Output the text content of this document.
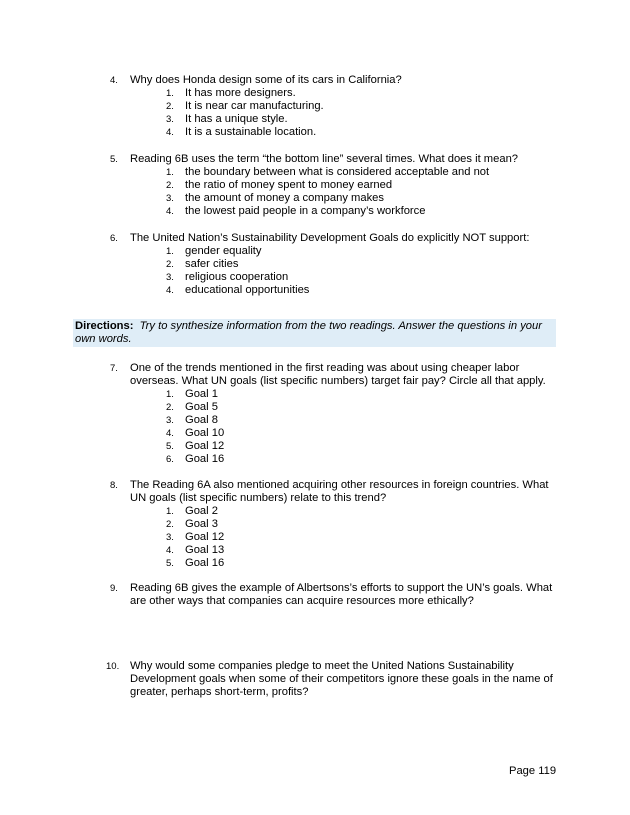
4.	Why does Honda design some of its cars in California?
1. It has more designers.
2. It is near car manufacturing.
3. It has a unique style.
4. It is a sustainable location.
5.	Reading 6B uses the term “the bottom line” several times. What does it mean?
1. the boundary between what is considered acceptable and not
2. the ratio of money spent to money earned
3. the amount of money a company makes
4. the lowest paid people in a company’s workforce
6.	The United Nation’s Sustainability Development Goals do explicitly NOT support:
1. gender equality
2. safer cities
3. religious cooperation
4. educational opportunities
Directions: Try to synthesize information from the two readings. Answer the questions in your own words.
7.	One of the trends mentioned in the first reading was about using cheaper labor overseas. What UN goals (list specific numbers) target fair pay? Circle all that apply.
1. Goal 1
2. Goal 5
3. Goal 8
4. Goal 10
5. Goal 12
6. Goal 16
8.	The Reading 6A also mentioned acquiring other resources in foreign countries. What UN goals (list specific numbers) relate to this trend?
1. Goal 2
2. Goal 3
3. Goal 12
4. Goal 13
5. Goal 16
9.	Reading 6B gives the example of Albertsons’s efforts to support the UN’s goals. What are other ways that companies can acquire resources more ethically?
10. Why would some companies pledge to meet the United Nations Sustainability Development goals when some of their competitors ignore these goals in the name of greater, perhaps short-term, profits?
Page 119
